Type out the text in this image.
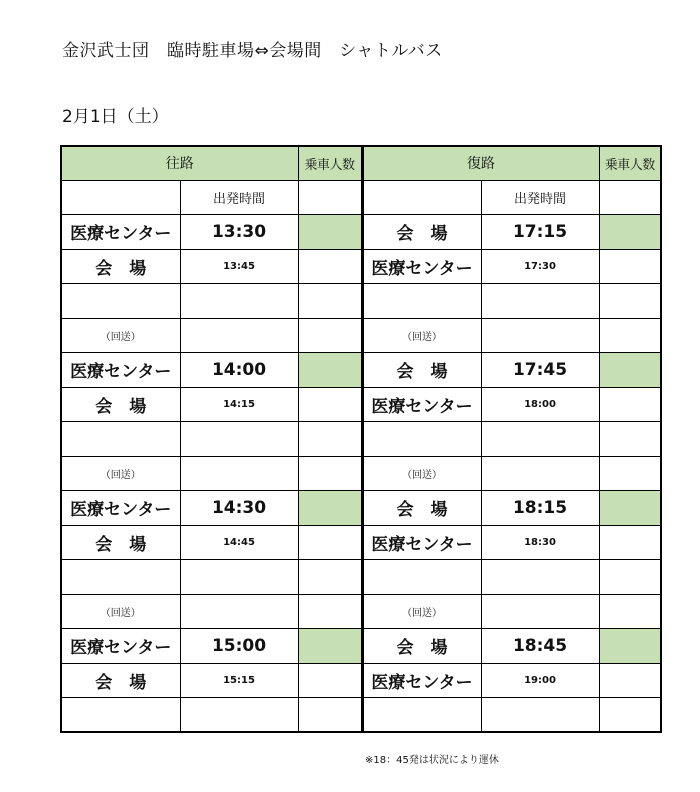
金沢武士団　臨時駐車場⇔会場間　シャトルバス
2月1日（土）
往路		乗車人数	復路		乗車人数
	出発時間			出発時間	
医療センター	13:30		会　場	17:15	
会　場	13:45		医療センター	17:30	

（回送）			（回送）		
医療センター	14:00		会　場	17:45	
会　場	14:15		医療センター	18:00	

（回送）			（回送）		
医療センター	14:30		会　場	18:15	
会　場	14:45		医療センター	18:30	

（回送）			（回送）		
医療センター	15:00		会　場	18:45	
会　場	15:15		医療センター	19:00	

※18：45発は状況により運休
